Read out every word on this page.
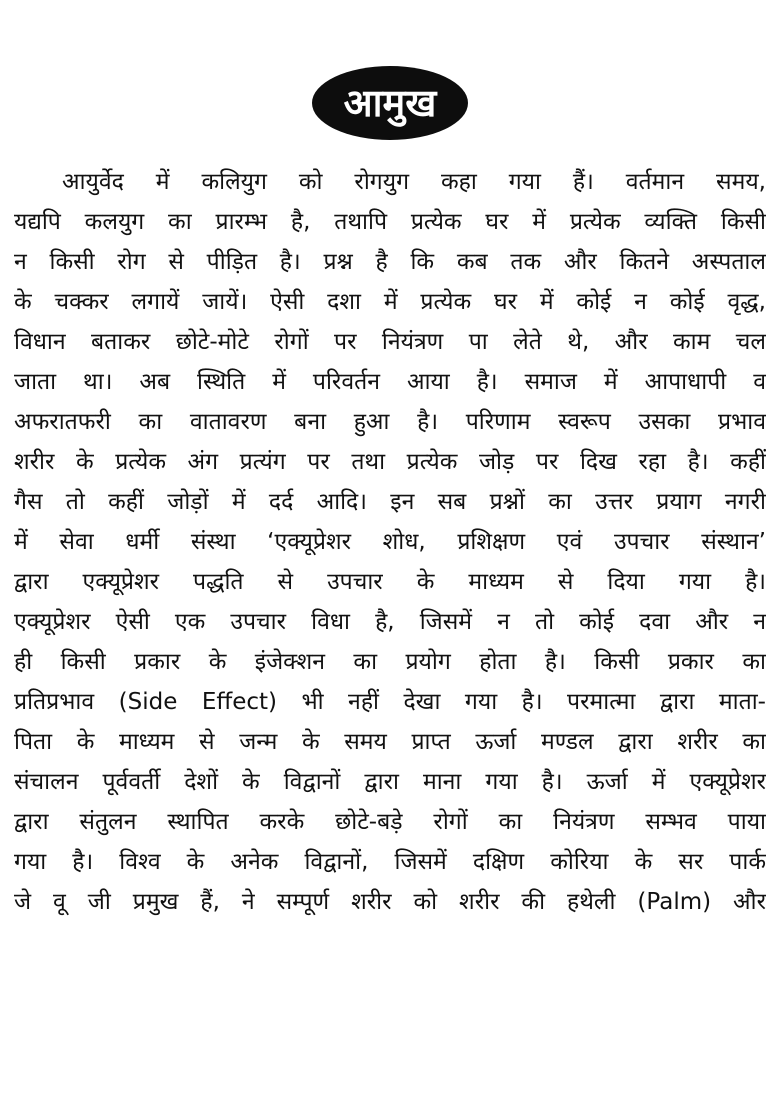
आमुख
आयुर्वेद में कलियुग को रोगयुग कहा गया हैं। वर्तमान समय,
यद्यपि कलयुग का प्रारम्भ है, तथापि प्रत्येक घर में प्रत्येक व्यक्ति किसी
न किसी रोग से पीड़ित है। प्रश्न है कि कब तक और कितने अस्पताल
के चक्कर लगायें जायें। ऐसी दशा में प्रत्येक घर में कोई न कोई वृद्ध,
विधान बताकर छोटे-मोटे रोगों पर नियंत्रण पा लेते थे, और काम चल
जाता था। अब स्थिति में परिवर्तन आया है। समाज में आपाधापी व
अफरातफरी का वातावरण बना हुआ है। परिणाम स्वरूप उसका प्रभाव
शरीर के प्रत्येक अंग प्रत्यंग पर तथा प्रत्येक जोड़ पर दिख रहा है। कहीं
गैस तो कहीं जोड़ों में दर्द आदि। इन सब प्रश्नों का उत्तर प्रयाग नगरी
में सेवा धर्मी संस्था ‘एक्यूप्रेशर शोध, प्रशिक्षण एवं उपचार संस्थान’
द्वारा एक्यूप्रेशर पद्धति से उपचार के माध्यम से दिया गया है।
एक्यूप्रेशर ऐसी एक उपचार विधा है, जिसमें न तो कोई दवा और न
ही किसी प्रकार के इंजेक्शन का प्रयोग होता है। किसी प्रकार का
प्रतिप्रभाव (Side Effect) भी नहीं देखा गया है। परमात्मा द्वारा माता-
पिता के माध्यम से जन्म के समय प्राप्त ऊर्जा मण्डल द्वारा शरीर का
संचालन पूर्ववर्ती देशों के विद्वानों द्वारा माना गया है। ऊर्जा में एक्यूप्रेशर
द्वारा संतुलन स्थापित करके छोटे-बड़े रोगों का नियंत्रण सम्भव पाया
गया है। विश्व के अनेक विद्वानों, जिसमें दक्षिण कोरिया के सर पार्क
जे वू जी प्रमुख हैं, ने सम्पूर्ण शरीर को शरीर की हथेली (Palm) और
